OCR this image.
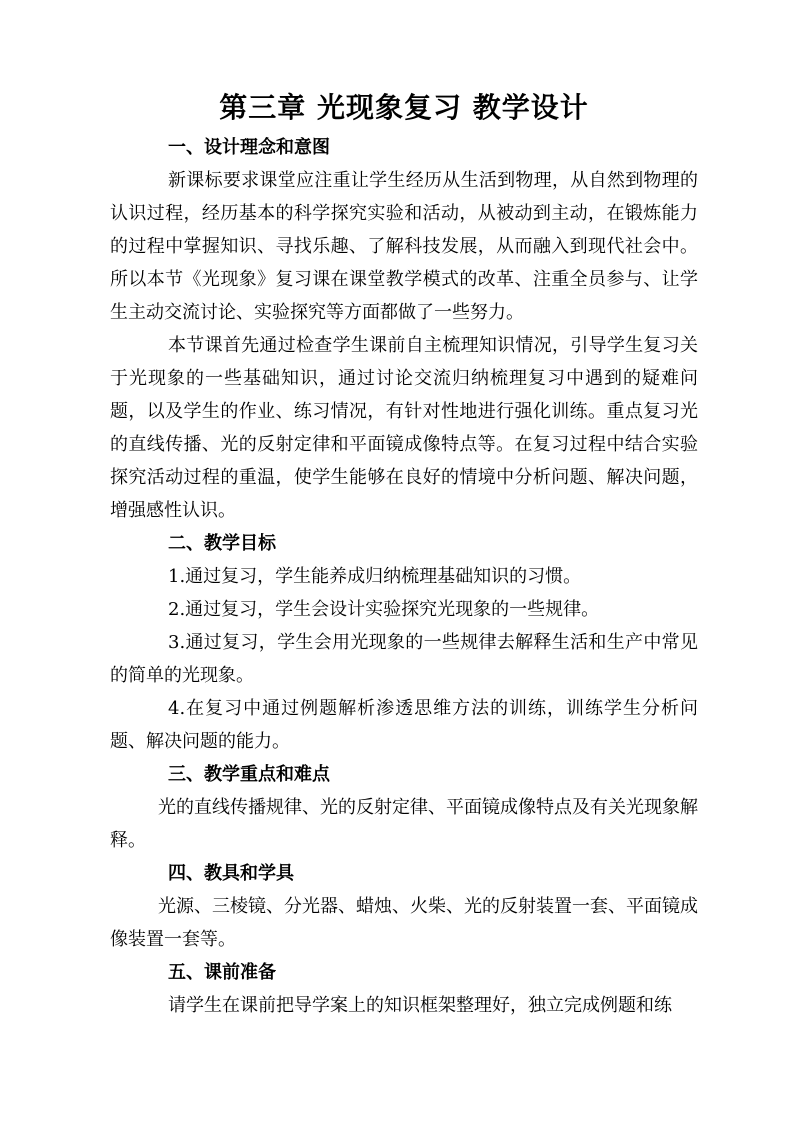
第三章 光现象复习 教学设计
一、设计理念和意图

新课标要求课堂应注重让学生经历从生活到物理，从自然到物理的认识过程，经历基本的科学探究实验和活动，从被动到主动，在锻炼能力的过程中掌握知识、寻找乐趣、了解科技发展，从而融入到现代社会中。所以本节《光现象》复习课在课堂教学模式的改革、注重全员参与、让学生主动交流讨论、实验探究等方面都做了一些努力。

本节课首先通过检查学生课前自主梳理知识情况，引导学生复习关于光现象的一些基础知识，通过讨论交流归纳梳理复习中遇到的疑难问题，以及学生的作业、练习情况，有针对性地进行强化训练。重点复习光的直线传播、光的反射定律和平面镜成像特点等。在复习过程中结合实验探究活动过程的重温，使学生能够在良好的情境中分析问题、解决问题，增强感性认识。

二、教学目标
1.通过复习，学生能养成归纳梳理基础知识的习惯。
2.通过复习，学生会设计实验探究光现象的一些规律。
3.通过复习，学生会用光现象的一些规律去解释生活和生产中常见的简单的光现象。
4.在复习中通过例题解析渗透思维方法的训练，训练学生分析问题、解决问题的能力。
三、教学重点和难点

光的直线传播规律、光的反射定律、平面镜成像特点及有关光现象解释。

四、教具和学具

光源、三棱镜、分光器、蜡烛、火柴、光的反射装置一套、平面镜成像装置一套等。

五、课前准备

请学生在课前把导学案上的知识框架整理好，独立完成例题和练
